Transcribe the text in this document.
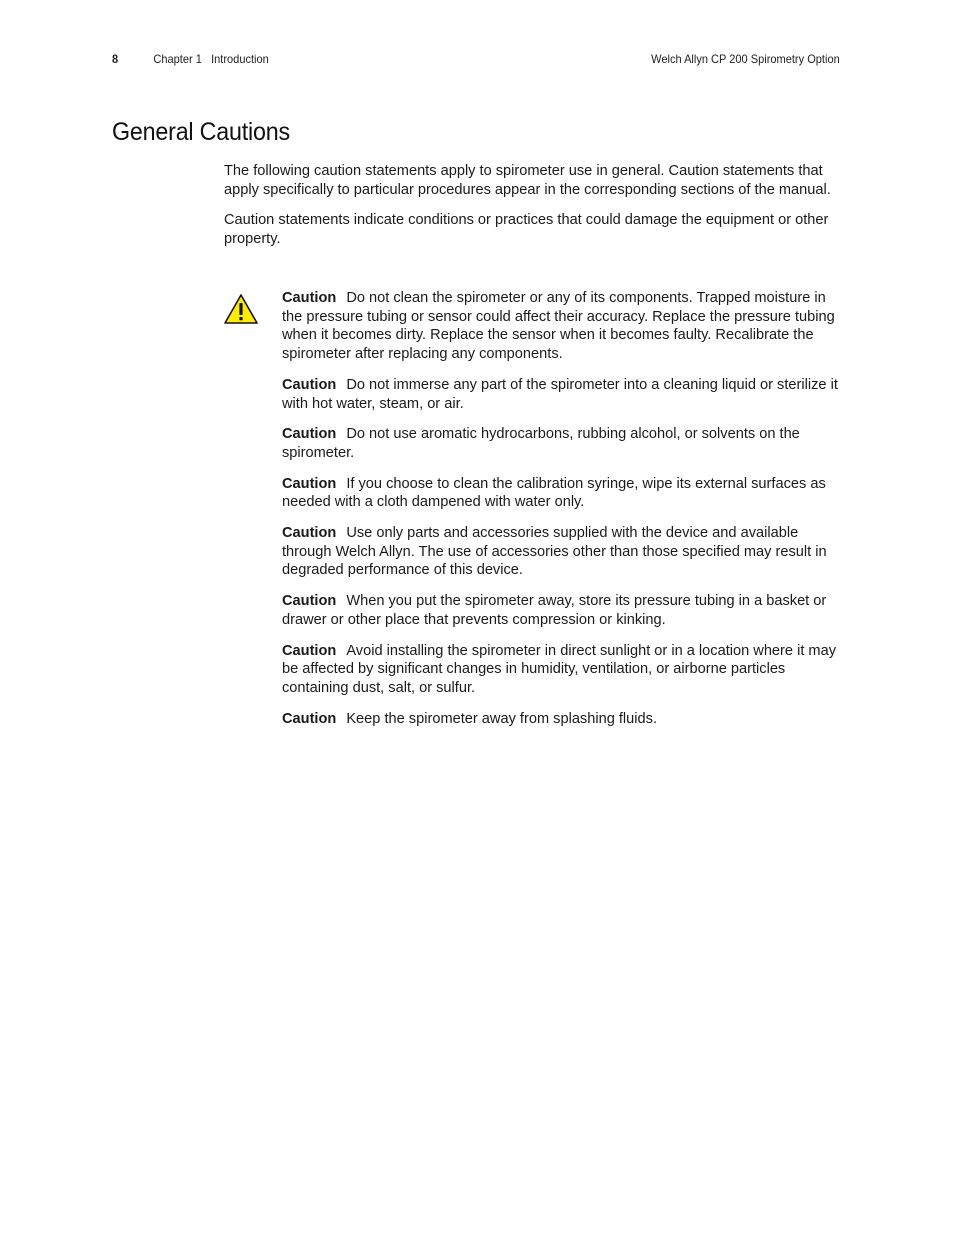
8	Chapter 1   Introduction	Welch Allyn CP 200 Spirometry Option
General Cautions

The following caution statements apply to spirometer use in general. Caution statements that apply specifically to particular procedures appear in the corresponding sections of the manual.

Caution statements indicate conditions or practices that could damage the equipment or other property.

Caution Do not clean the spirometer or any of its components. Trapped moisture in the pressure tubing or sensor could affect their accuracy. Replace the pressure tubing when it becomes dirty. Replace the sensor when it becomes faulty. Recalibrate the spirometer after replacing any components.

Caution Do not immerse any part of the spirometer into a cleaning liquid or sterilize it with hot water, steam, or air.

Caution Do not use aromatic hydrocarbons, rubbing alcohol, or solvents on the spirometer.

Caution If you choose to clean the calibration syringe, wipe its external surfaces as needed with a cloth dampened with water only.

Caution Use only parts and accessories supplied with the device and available through Welch Allyn. The use of accessories other than those specified may result in degraded performance of this device.

Caution When you put the spirometer away, store its pressure tubing in a basket or drawer or other place that prevents compression or kinking.

Caution Avoid installing the spirometer in direct sunlight or in a location where it may be affected by significant changes in humidity, ventilation, or airborne particles containing dust, salt, or sulfur.

Caution Keep the spirometer away from splashing fluids.
